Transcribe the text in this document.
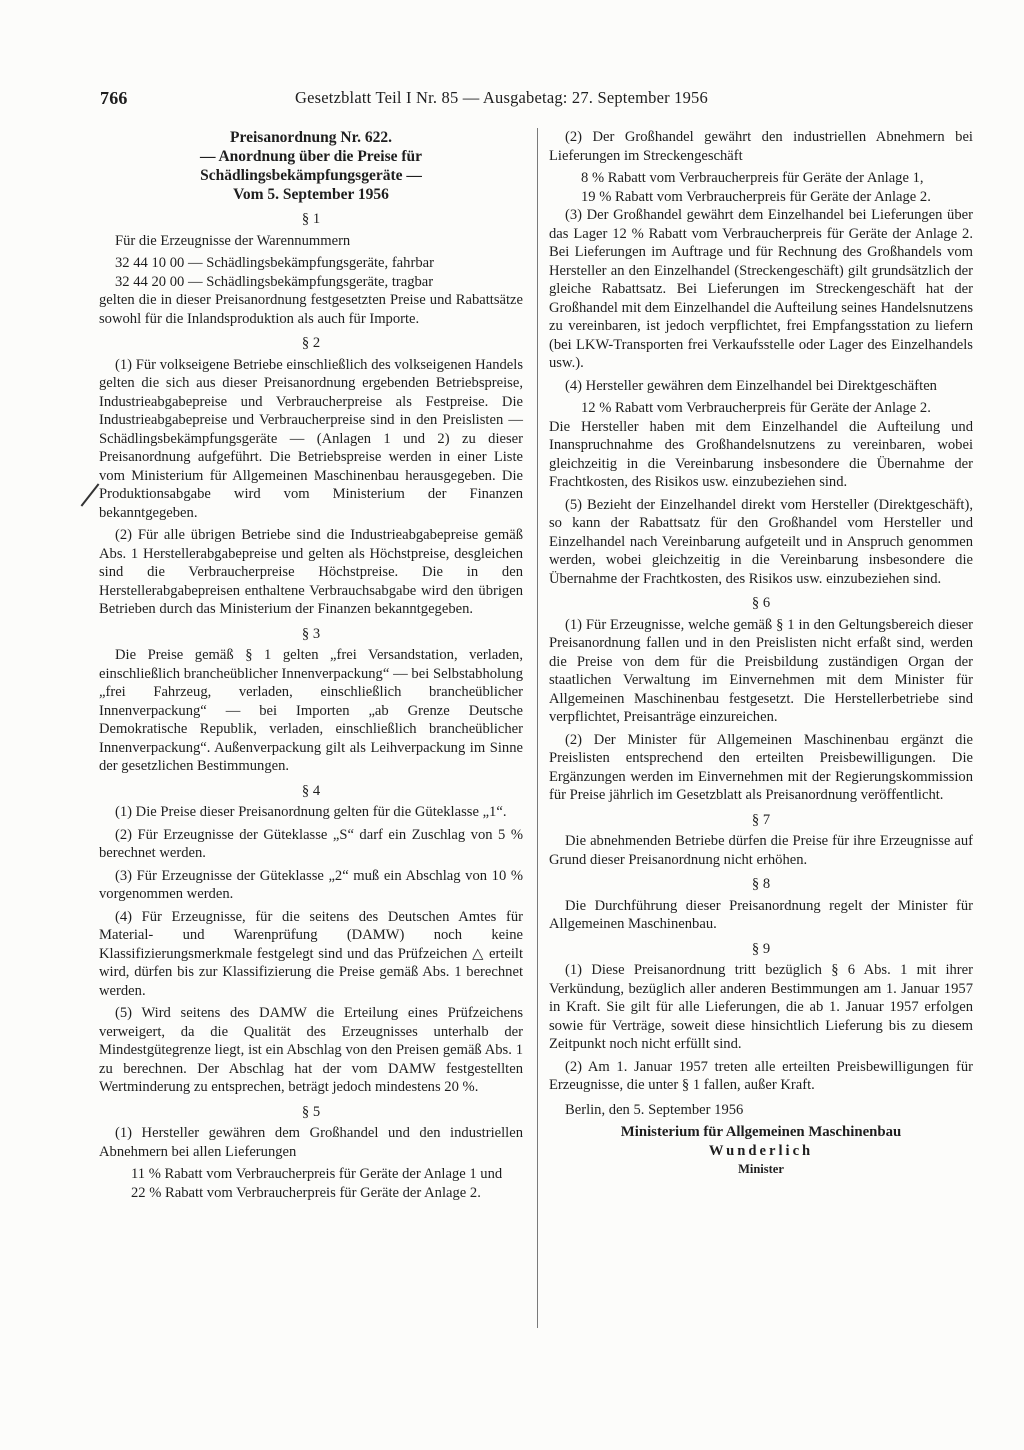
766	Gesetzblatt Teil I Nr. 85 — Ausgabetag: 27. September 1956
Preisanordnung Nr. 622.
— Anordnung über die Preise für Schädlingsbekämpfungsgeräte —
Vom 5. September 1956
§ 1

Für die Erzeugnisse der Warennummern

32 44 10 00 — Schädlingsbekämpfungsgeräte, fahrbar

32 44 20 00 — Schädlingsbekämpfungsgeräte, tragbar

gelten die in dieser Preisanordnung festgesetzten Preise und Rabattsätze sowohl für die Inlandsproduktion als auch für Importe.

§ 2

(1) Für volkseigene Betriebe einschließlich des volkseigenen Handels gelten die sich aus dieser Preisanordnung ergebenden Betriebspreise, Industrieabgabepreise und Verbraucherpreise als Festpreise. Die Industrieabgabepreise und Verbraucherpreise sind in den Preislisten — Schädlingsbekämpfungsgeräte — (Anlagen 1 und 2) zu dieser Preisanordnung aufgeführt. Die Betriebspreise werden in einer Liste vom Ministerium für Allgemeinen Maschinenbau herausgegeben. Die Produktionsabgabe wird vom Ministerium der Finanzen bekanntgegeben.

(2) Für alle übrigen Betriebe sind die Industrieabgabepreise gemäß Abs. 1 Herstellerabgabepreise und gelten als Höchstpreise, desgleichen sind die Verbraucherpreise Höchstpreise. Die in den Herstellerabgabepreisen enthaltene Verbrauchsabgabe wird den übrigen Betrieben durch das Ministerium der Finanzen bekanntgegeben.

§ 3

Die Preise gemäß § 1 gelten „frei Versandstation, verladen, einschließlich brancheüblicher Innenverpackung“ — bei Selbstabholung „frei Fahrzeug, verladen, einschließlich brancheüblicher Innenverpackung“ — bei Importen „ab Grenze Deutsche Demokratische Republik, verladen, einschließlich brancheüblicher Innenverpackung“. Außenverpackung gilt als Leihverpackung im Sinne der gesetzlichen Bestimmungen.

§ 4

(1) Die Preise dieser Preisanordnung gelten für die Güteklasse „1“.

(2) Für Erzeugnisse der Güteklasse „S“ darf ein Zuschlag von 5 % berechnet werden.

(3) Für Erzeugnisse der Güteklasse „2“ muß ein Abschlag von 10 % vorgenommen werden.

(4) Für Erzeugnisse, für die seitens des Deutschen Amtes für Material- und Warenprüfung (DAMW) noch keine Klassifizierungsmerkmale festgelegt sind und das Prüfzeichen △ erteilt wird, dürfen bis zur Klassifizierung die Preise gemäß Abs. 1 berechnet werden.

(5) Wird seitens des DAMW die Erteilung eines Prüfzeichens verweigert, da die Qualität des Erzeugnisses unterhalb der Mindestgütegrenze liegt, ist ein Abschlag von den Preisen gemäß Abs. 1 zu berechnen. Der Abschlag hat der vom DAMW festgestellten Wertminderung zu entsprechen, beträgt jedoch mindestens 20 %.

§ 5

(1) Hersteller gewähren dem Großhandel und den industriellen Abnehmern bei allen Lieferungen

11 % Rabatt vom Verbraucherpreis für Geräte der Anlage 1 und

22 % Rabatt vom Verbraucherpreis für Geräte der Anlage 2.

(2) Der Großhandel gewährt den industriellen Abnehmern bei Lieferungen im Streckengeschäft

8 % Rabatt vom Verbraucherpreis für Geräte der Anlage 1,

19 % Rabatt vom Verbraucherpreis für Geräte der Anlage 2.

(3) Der Großhandel gewährt dem Einzelhandel bei Lieferungen über das Lager 12 % Rabatt vom Verbraucherpreis für Geräte der Anlage 2. Bei Lieferungen im Auftrage und für Rechnung des Großhandels vom Hersteller an den Einzelhandel (Streckengeschäft) gilt grundsätzlich der gleiche Rabattsatz. Bei Lieferungen im Streckengeschäft hat der Großhandel mit dem Einzelhandel die Aufteilung seines Handelsnutzens zu vereinbaren, ist jedoch verpflichtet, frei Empfangsstation zu liefern (bei LKW-Transporten frei Verkaufsstelle oder Lager des Einzelhandels usw.).

(4) Hersteller gewähren dem Einzelhandel bei Direktgeschäften

12 % Rabatt vom Verbraucherpreis für Geräte der Anlage 2.

Die Hersteller haben mit dem Einzelhandel die Aufteilung und Inanspruchnahme des Großhandelsnutzens zu vereinbaren, wobei gleichzeitig in die Vereinbarung insbesondere die Übernahme der Frachtkosten, des Risikos usw. einzubeziehen sind.

(5) Bezieht der Einzelhandel direkt vom Hersteller (Direktgeschäft), so kann der Rabattsatz für den Großhandel vom Hersteller und Einzelhandel nach Vereinbarung aufgeteilt und in Anspruch genommen werden, wobei gleichzeitig in die Vereinbarung insbesondere die Übernahme der Frachtkosten, des Risikos usw. einzubeziehen sind.

§ 6

(1) Für Erzeugnisse, welche gemäß § 1 in den Geltungsbereich dieser Preisanordnung fallen und in den Preislisten nicht erfaßt sind, werden die Preise von dem für die Preisbildung zuständigen Organ der staatlichen Verwaltung im Einvernehmen mit dem Minister für Allgemeinen Maschinenbau festgesetzt. Die Herstellerbetriebe sind verpflichtet, Preisanträge einzureichen.

(2) Der Minister für Allgemeinen Maschinenbau ergänzt die Preislisten entsprechend den erteilten Preisbewilligungen. Die Ergänzungen werden im Einvernehmen mit der Regierungskommission für Preise jährlich im Gesetzblatt als Preisanordnung veröffentlicht.

§ 7

Die abnehmenden Betriebe dürfen die Preise für ihre Erzeugnisse auf Grund dieser Preisanordnung nicht erhöhen.

§ 8

Die Durchführung dieser Preisanordnung regelt der Minister für Allgemeinen Maschinenbau.

§ 9

(1) Diese Preisanordnung tritt bezüglich § 6 Abs. 1 mit ihrer Verkündung, bezüglich aller anderen Bestimmungen am 1. Januar 1957 in Kraft. Sie gilt für alle Lieferungen, die ab 1. Januar 1957 erfolgen sowie für Verträge, soweit diese hinsichtlich Lieferung bis zu diesem Zeitpunkt noch nicht erfüllt sind.

(2) Am 1. Januar 1957 treten alle erteilten Preisbewilligungen für Erzeugnisse, die unter § 1 fallen, außer Kraft.

Berlin, den 5. September 1956

Ministerium für Allgemeinen Maschinenbau
Wunderlich
Minister
